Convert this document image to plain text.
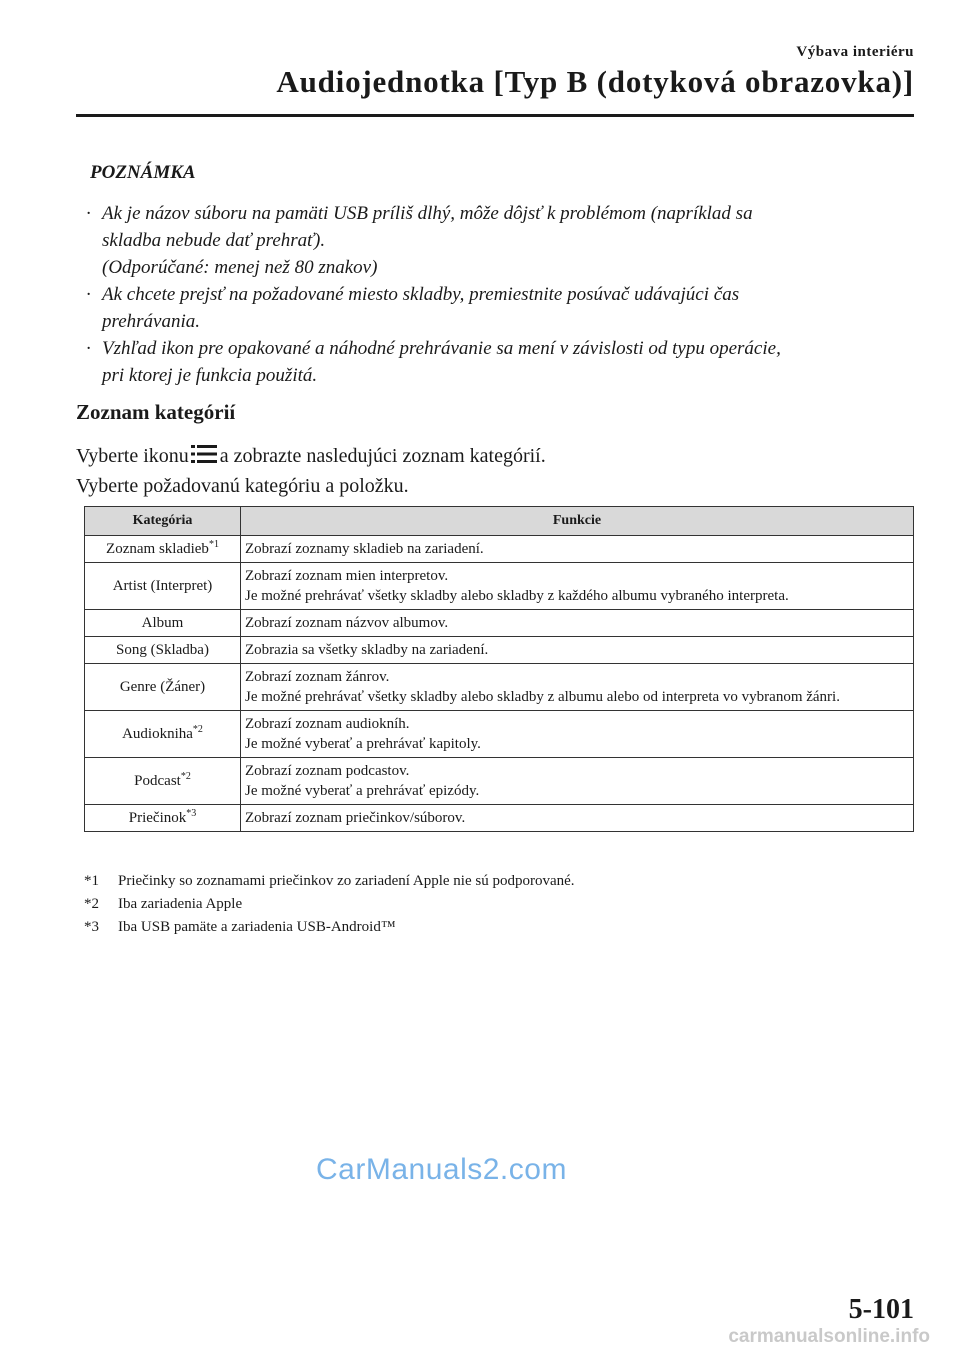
Výbava interiéru
Audiojednotka [Typ B (dotyková obrazovka)]
POZNÁMKA
· Ak je názov súboru na pamäti USB príliš dlhý, môže dôjsť k problémom (napríklad sa
skladba nebude dať prehrať).
(Odporúčané: menej než 80 znakov)
· Ak chcete prejsť na požadované miesto skladby, premiestnite posúvač udávajúci čas
prehrávania.
· Vzhľad ikon pre opakované a náhodné prehrávanie sa mení v závislosti od typu operácie,
pri ktorej je funkcia použitá.
Zoznam kategórií
Vyberte ikonu a zobrazte nasledujúci zoznam kategórií.
Vyberte požadovanú kategóriu a položku.
Kategória	Funkcie
Zoznam skladieb$^{*1}$	Zobrazí zoznamy skladieb na zariadení.

Artist (Interpret)	Zobrazí zoznam mien interpretov.
Je možné prehrávať všetky skladby alebo skladby z každého albumu vybraného interpreta.

Album	Zobrazí zoznam názvov albumov.

Song (Skladba)	Zobrazia sa všetky skladby na zariadení.

Genre (Žáner)	Zobrazí zoznam žánrov.
Je možné prehrávať všetky skladby alebo skladby z albumu alebo od interpreta vo vybranom žánri.

Audiokniha$^{*2}$	Zobrazí zoznam audiokníh.
Je možné vyberať a prehrávať kapitoly.

Podcast$^{*2}$	Zobrazí zoznam podcastov.
Je možné vyberať a prehrávať epizódy.

Priečinok$^{*3}$	Zobrazí zoznam priečinkov/súborov.
*1	Priečinky so zoznamami priečinkov zo zariadení Apple nie sú podporované.
*2	Iba zariadenia Apple
*3	Iba USB pamäte a zariadenia USB-Android™
CarManuals2.com
5-101
carmanualsonline.info
